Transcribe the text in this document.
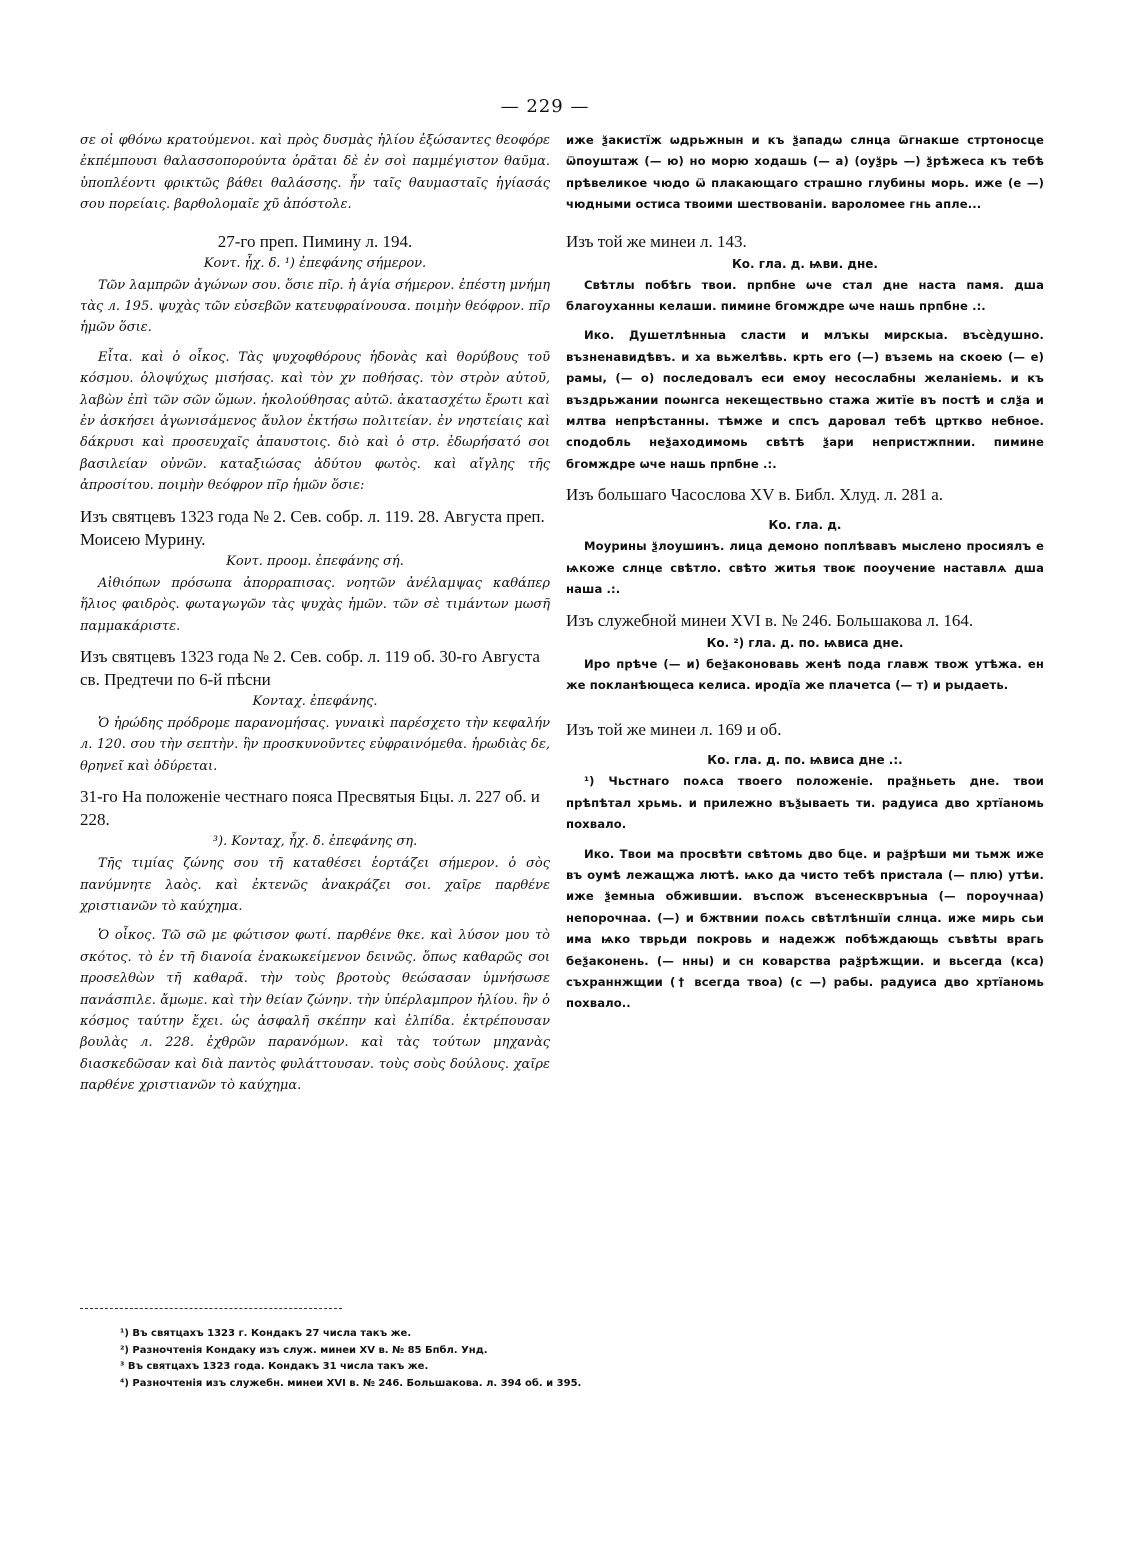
— 229 —

σε οἱ φθόνω κρατούμενοι. καὶ πρὸς δυσμὰς ἡλίου ἐξώσαντες θεοφόρε ἐκπέμπουσι θαλασσοπορούντα ὁρᾶται δὲ ἐν σοὶ παμμέγιστον θαῦμα. ὑποπλέοντι φρικτῶς βάθει θαλάσσης. ἦν ταῖς θαυμασταῖς ἡγίασάς σου πορείαις. βαρθολομαῖε χῦ ἀπόστολε.

27-го преп. Пимину л. 194.

Κοντ. ἦχ. δ. ¹) ἐπεφάνης σήμερον.

Τῶν λαμπρῶν ἀγώνων σου. ὅσιε πῖρ. ἡ ἁγία σήμερον. ἐπέστη μνήμη τὰς л. 195. ψυχὰς τῶν εὐσεβῶν κατευφραίνουσα. ποιμὴν θεόφρον. πῖρ ἡμῶν ὅσιε.

Εἶτα. καὶ ὁ οἶκος. Τὰς ψυχοφθόρους ἡδονὰς καὶ θορύβους τοῦ κόσμου. ὁλοψύχως μισήσας. καὶ τὸν χν ποθήσας. τὸν στρὸν αὐτοῦ, λαβὼν ἐπὶ τῶν σῶν ὤμων. ἠκολούθησας αὐτῶ. ἀκατασχέτω ἔρωτι καὶ ἐν ἀσκήσει ἀγωνισάμενος ἄυλον ἐκτήσω πολιτείαν. ἐν νηστείαις καὶ δάκρυσι καὶ προσευχαῖς ἀπαυστοις. διὸ καὶ ὁ στρ. ἐδωρήσατό σοι βασιλείαν οὐνῶν. καταξιώσας ἀδύτου φωτὸς. καὶ αἴγλης τῆς ἀπροσίτου. ποιμὴν θεόφρον πῖρ ἡμῶν ὅσιε:

Изъ святцевъ 1323 года № 2. Сев. собр. л. 119. 28. Августа преп. Моисею Мурину.

Κοντ. προομ. ἐπεφάνης σή.

Αἰθιόπων πρόσωπα ἀπορραπισας. νοητῶν ἀνέλαμψας καθάπερ ἥλιος φαιδρὸς. φωταγωγῶν τὰς ψυχὰς ἡμῶν. τῶν σὲ τιμάντων μωσῆ παμμακάριστε.

Изъ святцевъ 1323 года № 2. Сев. собр. л. 119 об. 30-го Августа св. Предтечи по 6-й пѣсни

Κονταχ. ἐπεφάνης.

Ὁ ἡρώδης πρόδρομε παρανομήσας. γυναικὶ παρέσχετο τὴν κεφαλήν л. 120. σου τὴν σεπτὴν. ἣν προσκυνοῦντες εὐφραινόμεθα. ἡρωδιὰς δε, θρηνεῖ καὶ ὀδύρεται.

31-го На положеніе честнаго пояса Пресвятыя Бцы. л. 227 об. и 228.

³). Κονταχ, ἦχ. δ. ἐπεφάνης ση.

Τῆς τιμίας ζώνης σου τῆ καταθέσει ἑορτάζει σήμερον. ὁ σὸς πανύμνητε λαὸς. καὶ ἐκτενῶς ἀνακράζει σοι. χαῖρε παρθένε χριστιανῶν τὸ καύχημα.

Ὁ οἶκος. Τῶ σῶ με φώτισον φωτί. παρθένε θκε. καὶ λύσον μου τὸ σκότος. τὸ ἐν τῆ διανοία ἐνακωκείμενον δεινῶς. ὅπως καθαρῶς σοι προσελθὼν τῆ καθαρᾶ. τὴν τοὺς βροτοὺς θεώσασαν ὑμνήσωσε πανάσπιλε. ἄμωμε. καὶ τὴν θείαν ζώνην. τὴν ὑπέρλαμπρον ἡλίου. ἣν ὁ κόσμος ταύτην ἔχει. ὡς ἀσφαλῆ σκέπην καὶ ἐλπίδα. ἐκτρέπουσαν βουλὰς л. 228. ἐχθρῶν παρανόμων. καὶ τὰς τούτων μηχανὰς διασκεδῶσαν καὶ διὰ παντὸς φυλάττουσαν. τοὺς σοὺς δούλους. χαῖρε παρθένε χριστιανῶν τὸ καύχημα.

иже ѯакистїж ѡдрьжнын и къ ѯападѡ слнца ѿгнакше стртоносце ѿпоуштаж (— ю) но морю ходашь (— а) (оуѯрь —) ѯрѣжеса къ тебѣ прѣвеликое чюдо ѿ плакающаго страшно глубины морь. иже (е —) чюдными остиса твоими шествованіи. вароломее гнь апле...

Изъ той же минеи л. 143.

Ко. гла. д. ѩви. дне.

Свѣтлы побѣгь твои. прпбне ѡче стал дне наста памя. дша благоуханны келаши. пимине бгомждре ѡче нашь прпбне .:.

Ико. Душетлѣнныа сласти и млъкы мирскыа. въсѐдушно. възненавидѣвъ. и ха вьжелѣвь. крть его (—) въземь на скоею (— е) рамы, (— о) последовалъ еси емоу несослабны желаніемь. и къ въздрьжании поѡнгса некеществьно стажа житїе въ постѣ и слѯа и млтва непрѣстанны. тѣмже и спсъ даровал тебѣ црткво небное. сподобль неѯаходимомь свѣтѣ ѯари непристжпнии. пимине бгомждре ѡче нашь прпбне .:.

Изъ большаго Часослова XV в. Библ. Хлуд. л. 281 а.

Ко. гла. д.

Моурины ѯлоушинъ. лица демоно поплѣвавъ мыслено просиялъ е ѩкоже слнце свѣтло. свѣто житья твоѥ пооучение наставлѧ дша наша .:.

Изъ служебной минеи XVI в. № 246. Большакова л. 164.

Ко. ²) гла. д. по. ѩвиса дне.

Иро прѣче (— и) беѯаконовавь женѣ пода главж твож утѣжа. ен же покланѣющеса келиса. иродїа же плачетса (— т) и рыдаеть.

Изъ той же минеи л. 169 и об.

Ко. гла. д. по. ѩвиса дне .:.

¹) Чьстнаго поѧса твоего положеніе. праѯньеть дне. твои прѣпѣтал хрьмь. и прилежно въѯываеть ти. радуиса дво хртїаномь похвало.

Ико. Твои ма просвѣти свѣтомь дво бце. и раѯрѣши ми тьмж иже въ оумѣ лежащжа лютѣ. ѩко да чисто тебѣ пристала (— плю) утѣи. иже ѯемныа обжившии. въспож въсенесквръныа (— пороучнаа) непорочнаа. (—) и бжтвнии поѧсь свѣтлѣншїи слнца. иже мирь сьи има ѩко тврьди покровь и надежж побѣждающь съвѣты врагь беѯаконень. (— нны) и сн коварства раѯрѣжщии. и вьсегда (кса) съхраннжщии († всегда твоа) (с —) рабы. радуиса дво хртїаномь похвало..

¹) Въ святцахъ 1323 г. Кондакъ 27 числа такъ же.
²) Разночтенія Кондаку изъ служ. минеи XV в. № 85 Бпбл. Унд.
³ Въ святцахъ 1323 года. Кондакъ 31 числа такъ же.
⁴) Разночтенія изъ служебн. минеи XVI в. № 246. Большакова. л. 394 об. и 395.
